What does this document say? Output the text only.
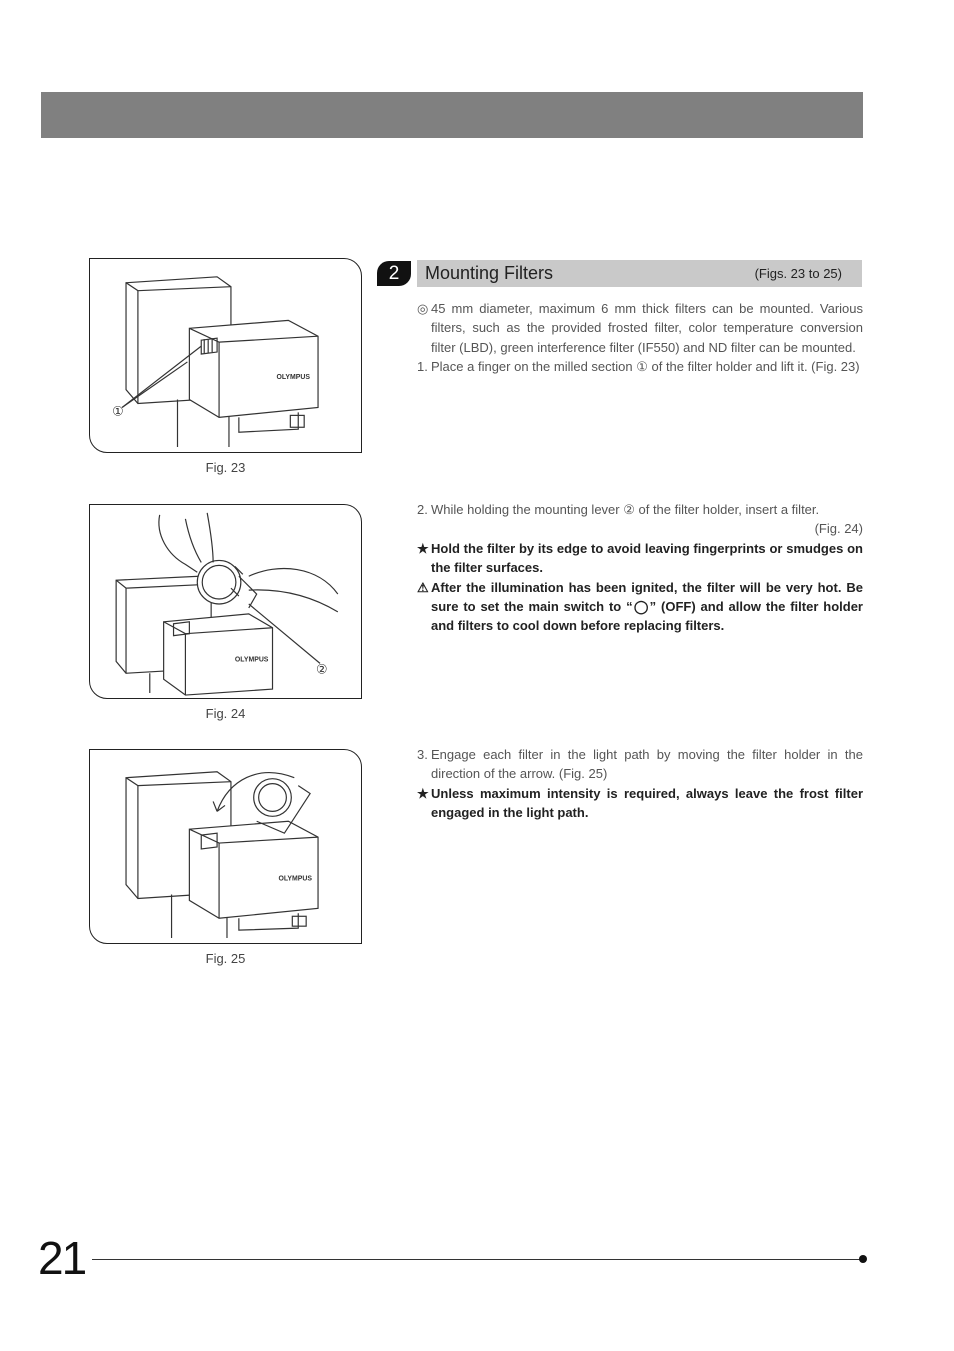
OLYMPUS
①
Fig. 23
OLYMPUS
②
Fig. 24
OLYMPUS
Fig. 25
2	Mounting Filters	(Figs. 23 to 25)
◎ 45 mm diameter, maximum 6 mm thick filters can be mounted. Various filters, such as the provided frosted filter, color temperature conversion filter (LBD), green interference filter (IF550) and ND filter can be mounted.
1. Place a finger on the milled section ① of the filter holder and lift it. (Fig. 23)
2. While holding the mounting lever ② of the filter holder, insert a filter.
(Fig. 24)
★ Hold the filter by its edge to avoid leaving fingerprints or smudges on the filter surfaces.
⚠ After the illumination has been ignited, the filter will be very hot. Be sure to set the main switch to “◯” (OFF) and allow the filter holder and filters to cool down before replacing filters.
3. Engage each filter in the light path by moving the filter holder in the direction of the arrow. (Fig. 25)
★ Unless maximum intensity is required, always leave the frost filter engaged in the light path.
21
